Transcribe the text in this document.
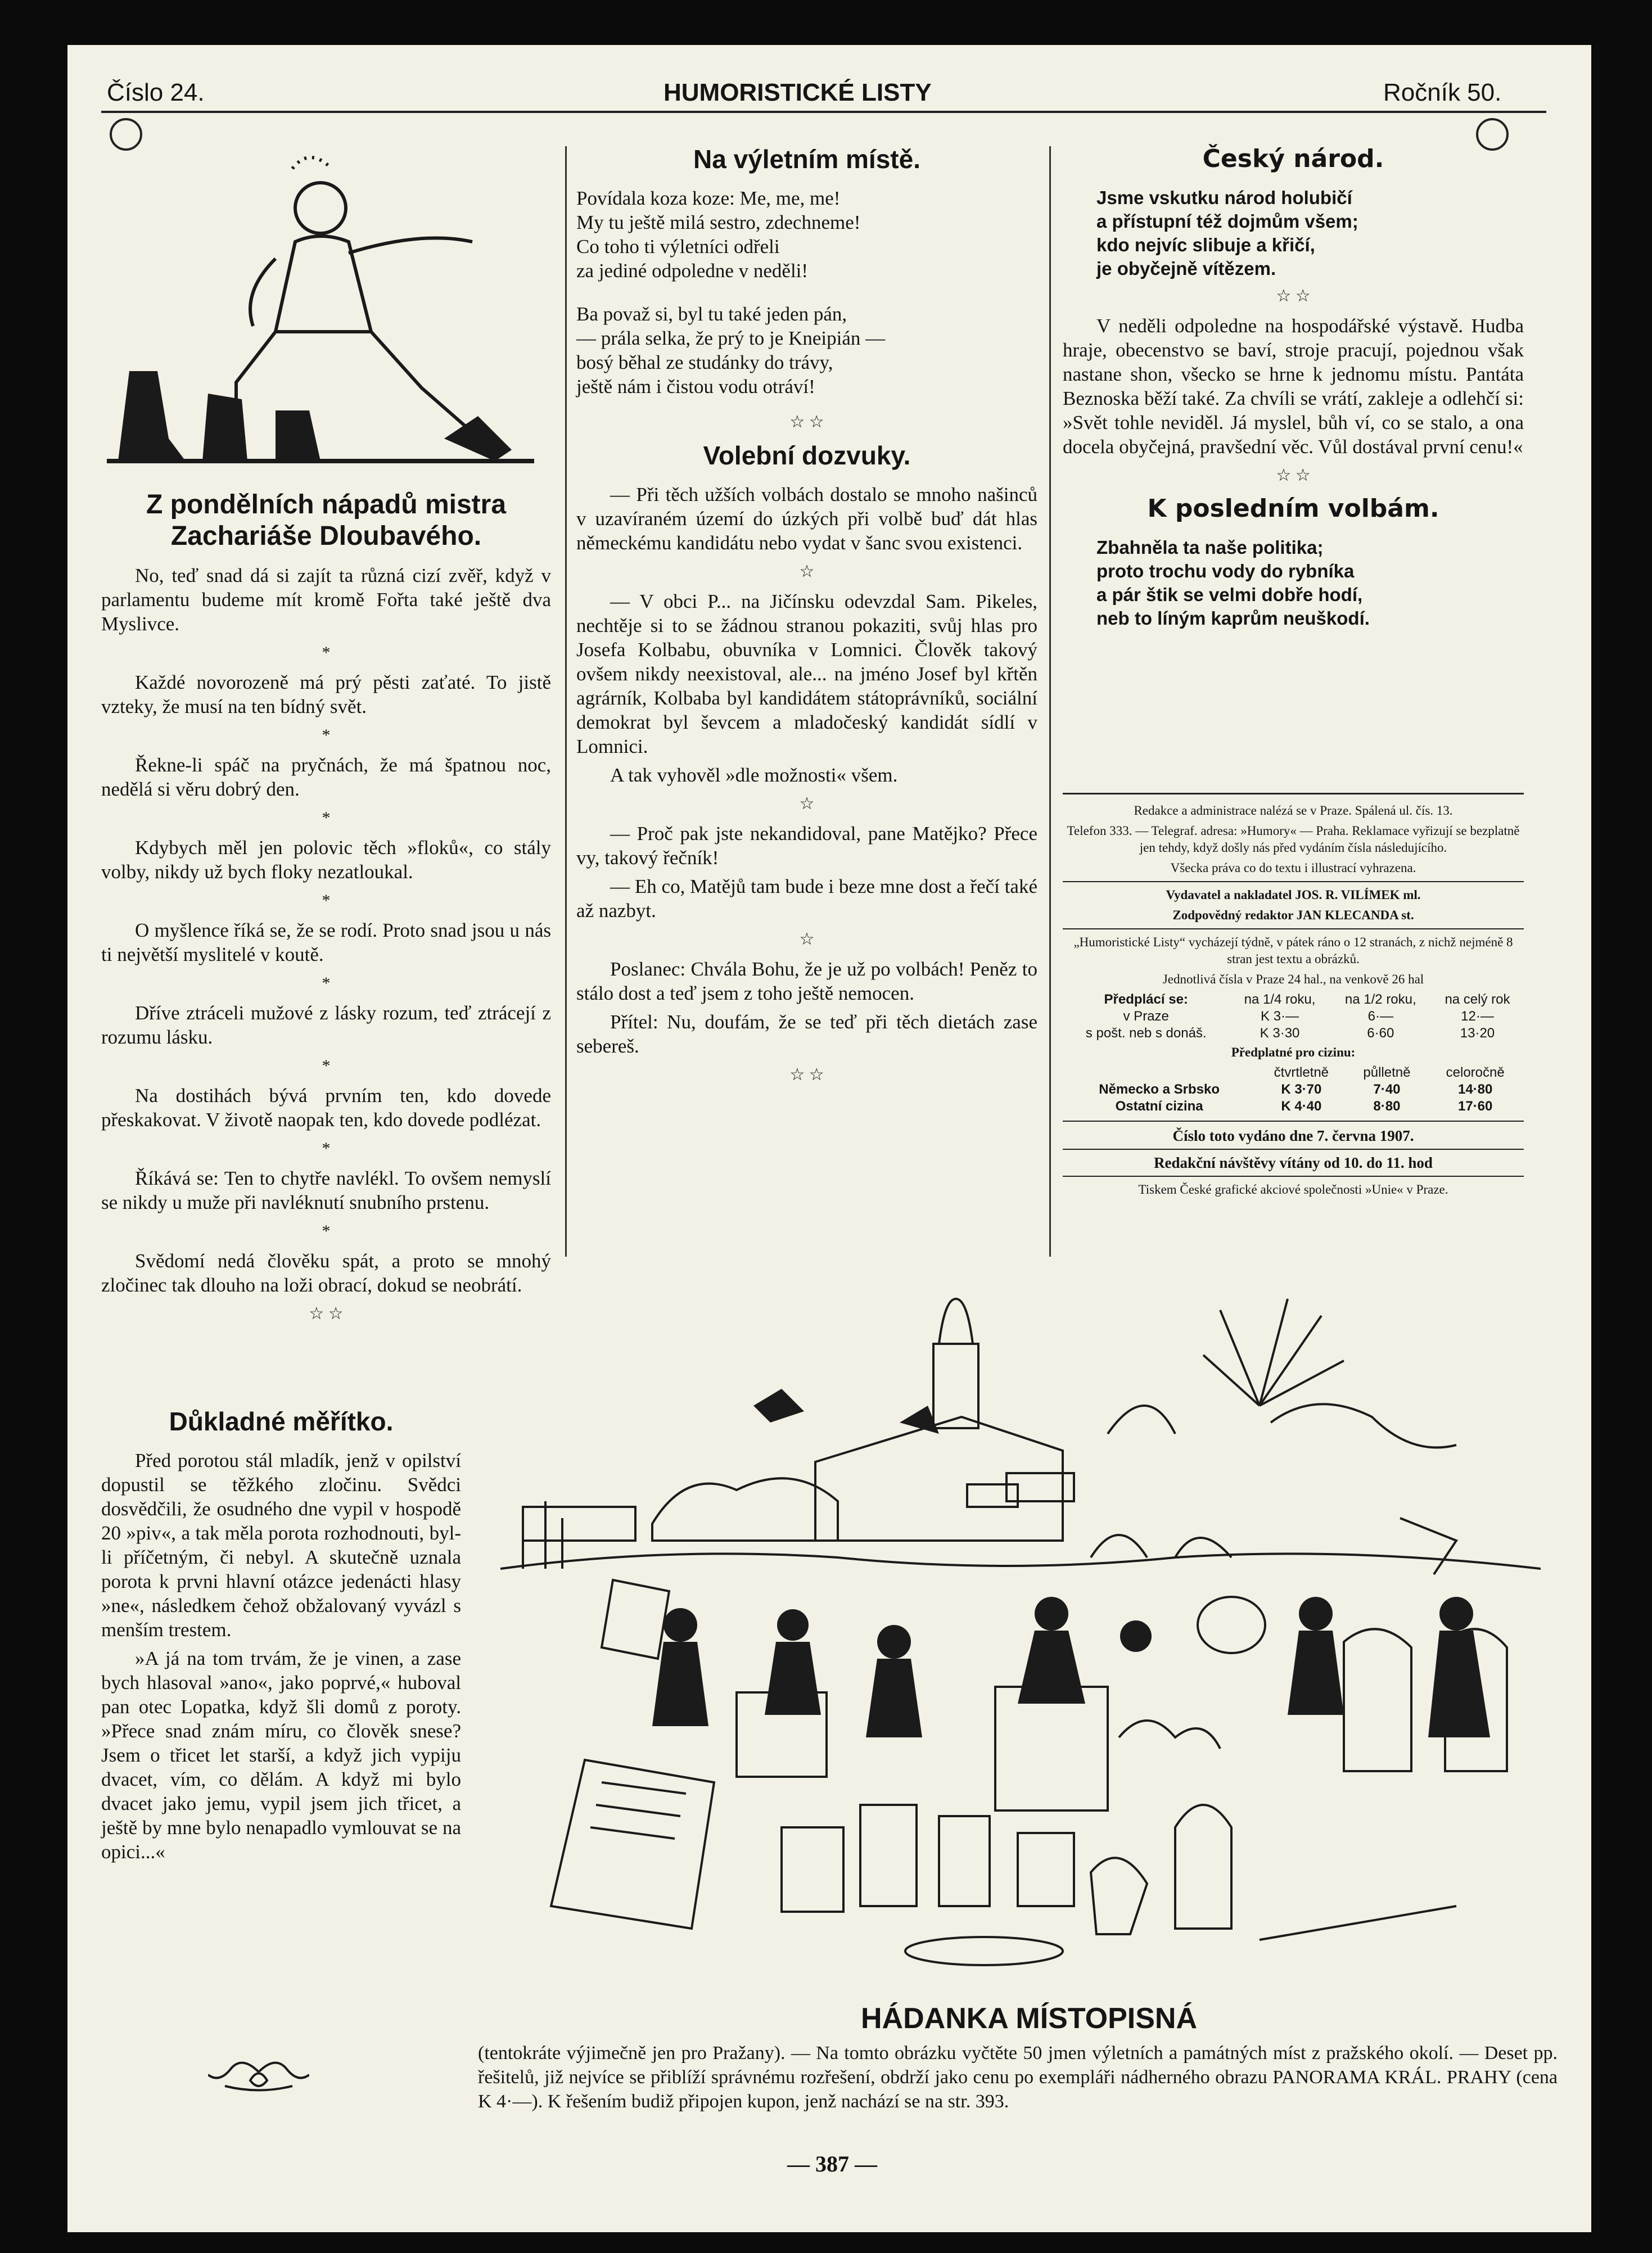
Číslo 24.	HUMORISTICKÉ LISTY	Ročník 50.
Z pondělních nápadů mistra Zachariáše Dloubavého.

No, teď snad dá si zajít ta různá cizí zvěř, když v parlamentu budeme mít kromě Fořta také ještě dva Myslivce.

*

Každé novorozeně má prý pěsti zaťaté. To jistě vzteky, že musí na ten bídný svět.

*

Řekne-li spáč na pryčnách, že má špatnou noc, nedělá si věru dobrý den.

*

Kdybych měl jen polovic těch »floků«, co stály volby, nikdy už bych floky nezatloukal.

*

O myšlence říká se, že se rodí. Proto snad jsou u nás ti největší myslitelé v koutě.

*

Dříve ztráceli mužové z lásky rozum, teď ztrácejí z rozumu lásku.

*

Na dostihách bývá prvním ten, kdo dovede přeskakovat. V životě naopak ten, kdo dovede podlézat.

*

Říkává se: Ten to chytře navlékl. To ovšem nemyslí se nikdy u muže při navléknutí snubního prstenu.

*

Svědomí nedá člověku spát, a proto se mnohý zločinec tak dlouho na loži obrací, dokud se neobrátí.

☆ ☆
Důkladné měřítko.

Před porotou stál mladík, jenž v opilství dopustil se těžkého zločinu. Svědci dosvědčili, že osudného dne vypil v hospodě 20 »piv«, a tak měla porota rozhodnouti, byl-li příčetným, či nebyl. A skutečně uznala porota k prvni hlavní otázce jedenácti hlasy »ne«, následkem čehož obžalovaný vyvázl s menším trestem.

»A já na tom trvám, že je vinen, a zase bych hlasoval »ano«, jako poprvé,« huboval pan otec Lopatka, když šli domů z poroty. »Přece snad znám míru, co člověk snese? Jsem o třicet let starší, a když jich vypiju dvacet, vím, co dělám. A když mi bylo dvacet jako jemu, vypil jsem jich třicet, a ještě by mne bylo nenapadlo vymlouvat se na opici...«

Na výletním místě.

Povídala koza koze: Me, me, me!

My tu ještě milá sestro, zdechneme!

Co toho ti výletníci odřeli

za jediné odpoledne v neděli!

Ba považ si, byl tu také jeden pán,

— prála selka, že prý to je Kneipián —

bosý běhal ze studánky do trávy,

ještě nám i čistou vodu otráví!

☆ ☆
Volební dozvuky.

— Při těch užších volbách dostalo se mnoho našinců v uzavíraném území do úzkých při volbě buď dát hlas německému kandidátu nebo vydat v šanc svou existenci.

☆

— V obci P... na Jičínsku odevzdal Sam. Pikeles, nechtěje si to se žádnou stranou pokaziti, svůj hlas pro Josefa Kolbabu, obuvníka v Lomnici. Člověk takový ovšem nikdy neexistoval, ale... na jméno Josef byl křtěn agrárník, Kolbaba byl kandidátem státoprávníků, sociální demokrat byl ševcem a mladočeský kandidát sídlí v Lomnici.

A tak vyhověl »dle možnosti« všem.

☆

— Proč pak jste nekandidoval, pane Matějko? Přece vy, takový řečník!

— Eh co, Matějů tam bude i beze mne dost a řečí také až nazbyt.

☆

Poslanec: Chvála Bohu, že je už po volbách! Peněz to stálo dost a teď jsem z toho ještě nemocen.

Přítel: Nu, doufám, že se teď při těch dietách zase sebereš.

☆ ☆
Český národ.
Jsme vskutku národ holubičí
a přístupní též dojmům všem;
kdo nejvíc slibuje a křičí,
je obyčejně vítězem.
☆ ☆

V neděli odpoledne na hospodářské výstavě. Hudba hraje, obecenstvo se baví, stroje pracují, pojednou však nastane shon, všecko se hrne k jednomu místu. Pantáta Beznoska běží také. Za chvíli se vrátí, zakleje a odlehčí si: »Svět tohle neviděl. Já myslel, bůh ví, co se stalo, a ona docela obyčejná, pravšední věc. Vůl dostával první cenu!«

☆ ☆
K posledním volbám.
Zbahněla ta naše politika;
proto trochu vody do rybníka
a pár štik se velmi dobře hodí,
neb to líným kaprům neuškodí.

Redakce a administrace nalézá se v Praze. Spálená ul. čís. 13.

Telefon 333. — Telegraf. adresa: »Humory« — Praha. Reklamace vyřizují se bezplatně jen tehdy, když došly nás před vydáním čísla následujícího.

Všecka práva co do textu i illustrací vyhrazena.

Vydavatel a nakladatel JOS. R. VILÍMEK ml.

Zodpovědný redaktor JAN KLECANDA st.

„Humoristické Listy“ vycházejí týdně, v pátek ráno o 12 stranách, z nichž nejméně 8 stran jest textu a obrázků.

Jednotlivá čísla v Praze 24 hal., na venkově 26 hal

Předplácí se:	na 1/4 roku,	na 1/2 roku,	na celý rok
v Praze	K 3·—	6·—	12·—
s pošt. neb s donáš.	K 3·30	6·60	13·20

Předplatné pro cizinu:

	čtvrtletně	půlletně	celoročně
Německo a Srbsko	K 3·70	7·40	14·80
Ostatní cizina	K 4·40	8·80	17·60

Číslo toto vydáno dne 7. června 1907.

Redakční návštěvy vítány od 10. do 11. hod

Tiskem České grafické akciové společnosti »Unie« v Praze.

HÁDANKA MÍSTOPISNÁ
(tentokráte výjimečně jen pro Pražany). — Na tomto obrázku vyčtěte 50 jmen výletních a památných míst z pražského okolí. — Deset pp. řešitelů, již nejvíce se přiblíží správnému rozřešení, obdrží jako cenu po exempláři nádherného obrazu PANORAMA KRÁL. PRAHY (cena K 4·—). K řešením budiž připojen kupon, jenž nachází se na str. 393.
— 387 —
